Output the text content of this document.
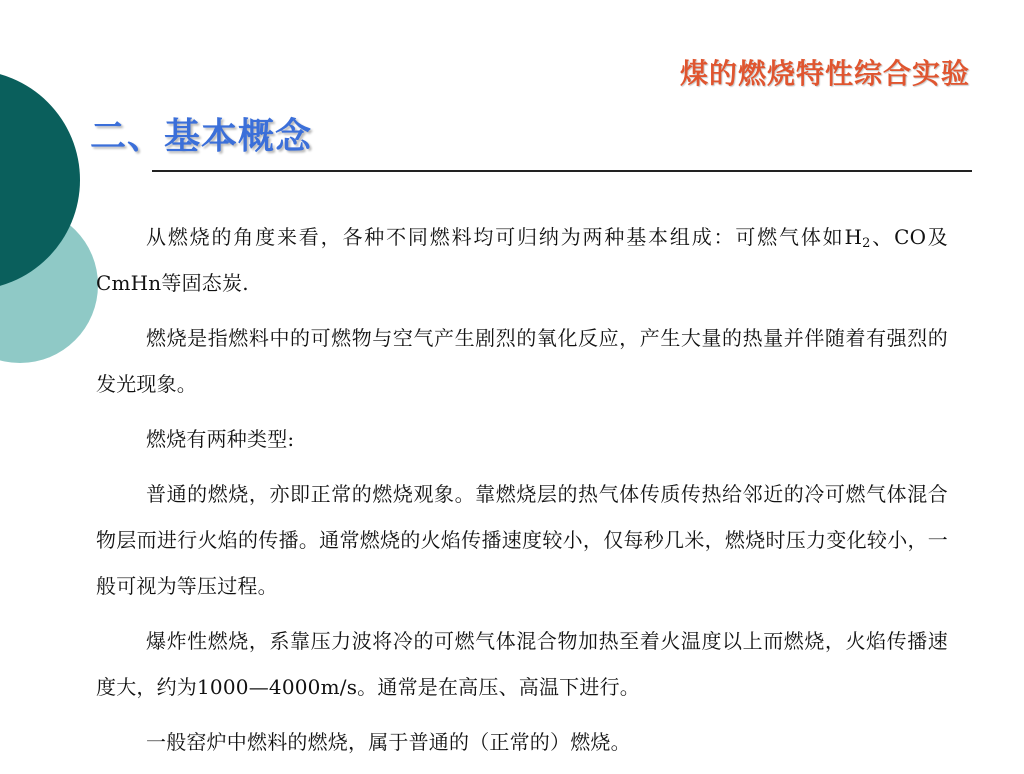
煤的燃烧特性综合实验
二、基本概念

从燃烧的角度来看，各种不同燃料均可归纳为两种基本组成：可燃气体如$H_2$、CO及CmHn等固态炭.

燃烧是指燃料中的可燃物与空气产生剧烈的氧化反应，产生大量的热量并伴随着有强烈的发光现象。

燃烧有两种类型:

普通的燃烧，亦即正常的燃烧观象。靠燃烧层的热气体传质传热给邻近的冷可燃气体混合物层而进行火焰的传播。通常燃烧的火焰传播速度较小，仅每秒几米，燃烧时压力变化较小，一般可视为等压过程。

爆炸性燃烧，系靠压力波将冷的可燃气体混合物加热至着火温度以上而燃烧，火焰传播速度大，约为1000—4000m/s。通常是在高压、高温下进行。

一般窑炉中燃料的燃烧，属于普通的（正常的）燃烧。
